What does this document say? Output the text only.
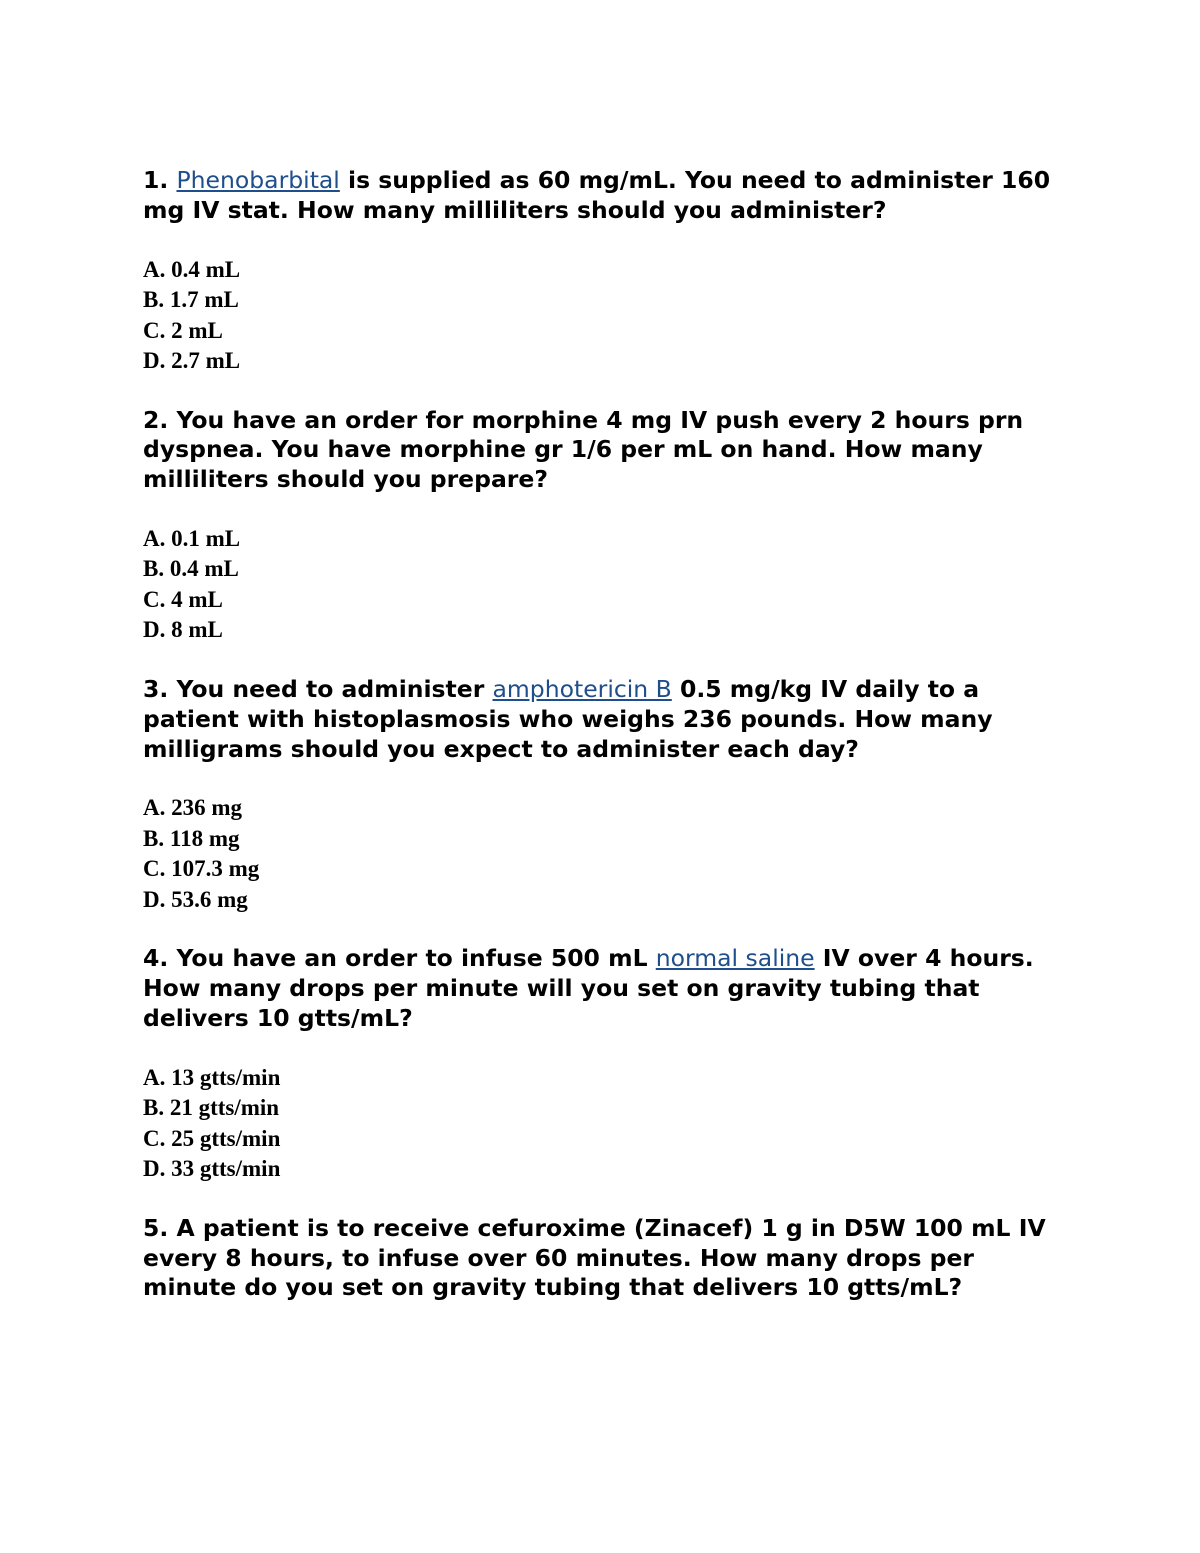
1. Phenobarbital is supplied as 60 mg/mL. You need to administer 160 mg IV stat. How many milliliters should you administer?

A. 0.4 mL
B. 1.7 mL
C. 2 mL
D. 2.7 mL

2. You have an order for morphine 4 mg IV push every 2 hours prn dyspnea. You have morphine gr 1/6 per mL on hand. How many milliliters should you prepare?

A. 0.1 mL
B. 0.4 mL
C. 4 mL
D. 8 mL

3. You need to administer amphotericin B 0.5 mg/kg IV daily to a patient with histoplasmosis who weighs 236 pounds. How many milligrams should you expect to administer each day?

A. 236 mg
B. 118 mg
C. 107.3 mg
D. 53.6 mg

4. You have an order to infuse 500 mL normal saline IV over 4 hours. How many drops per minute will you set on gravity tubing that delivers 10 gtts/mL?

A. 13 gtts/min
B. 21 gtts/min
C. 25 gtts/min
D. 33 gtts/min

5. A patient is to receive cefuroxime (Zinacef) 1 g in D5W 100 mL IV every 8 hours, to infuse over 60 minutes. How many drops per minute do you set on gravity tubing that delivers 10 gtts/mL?
